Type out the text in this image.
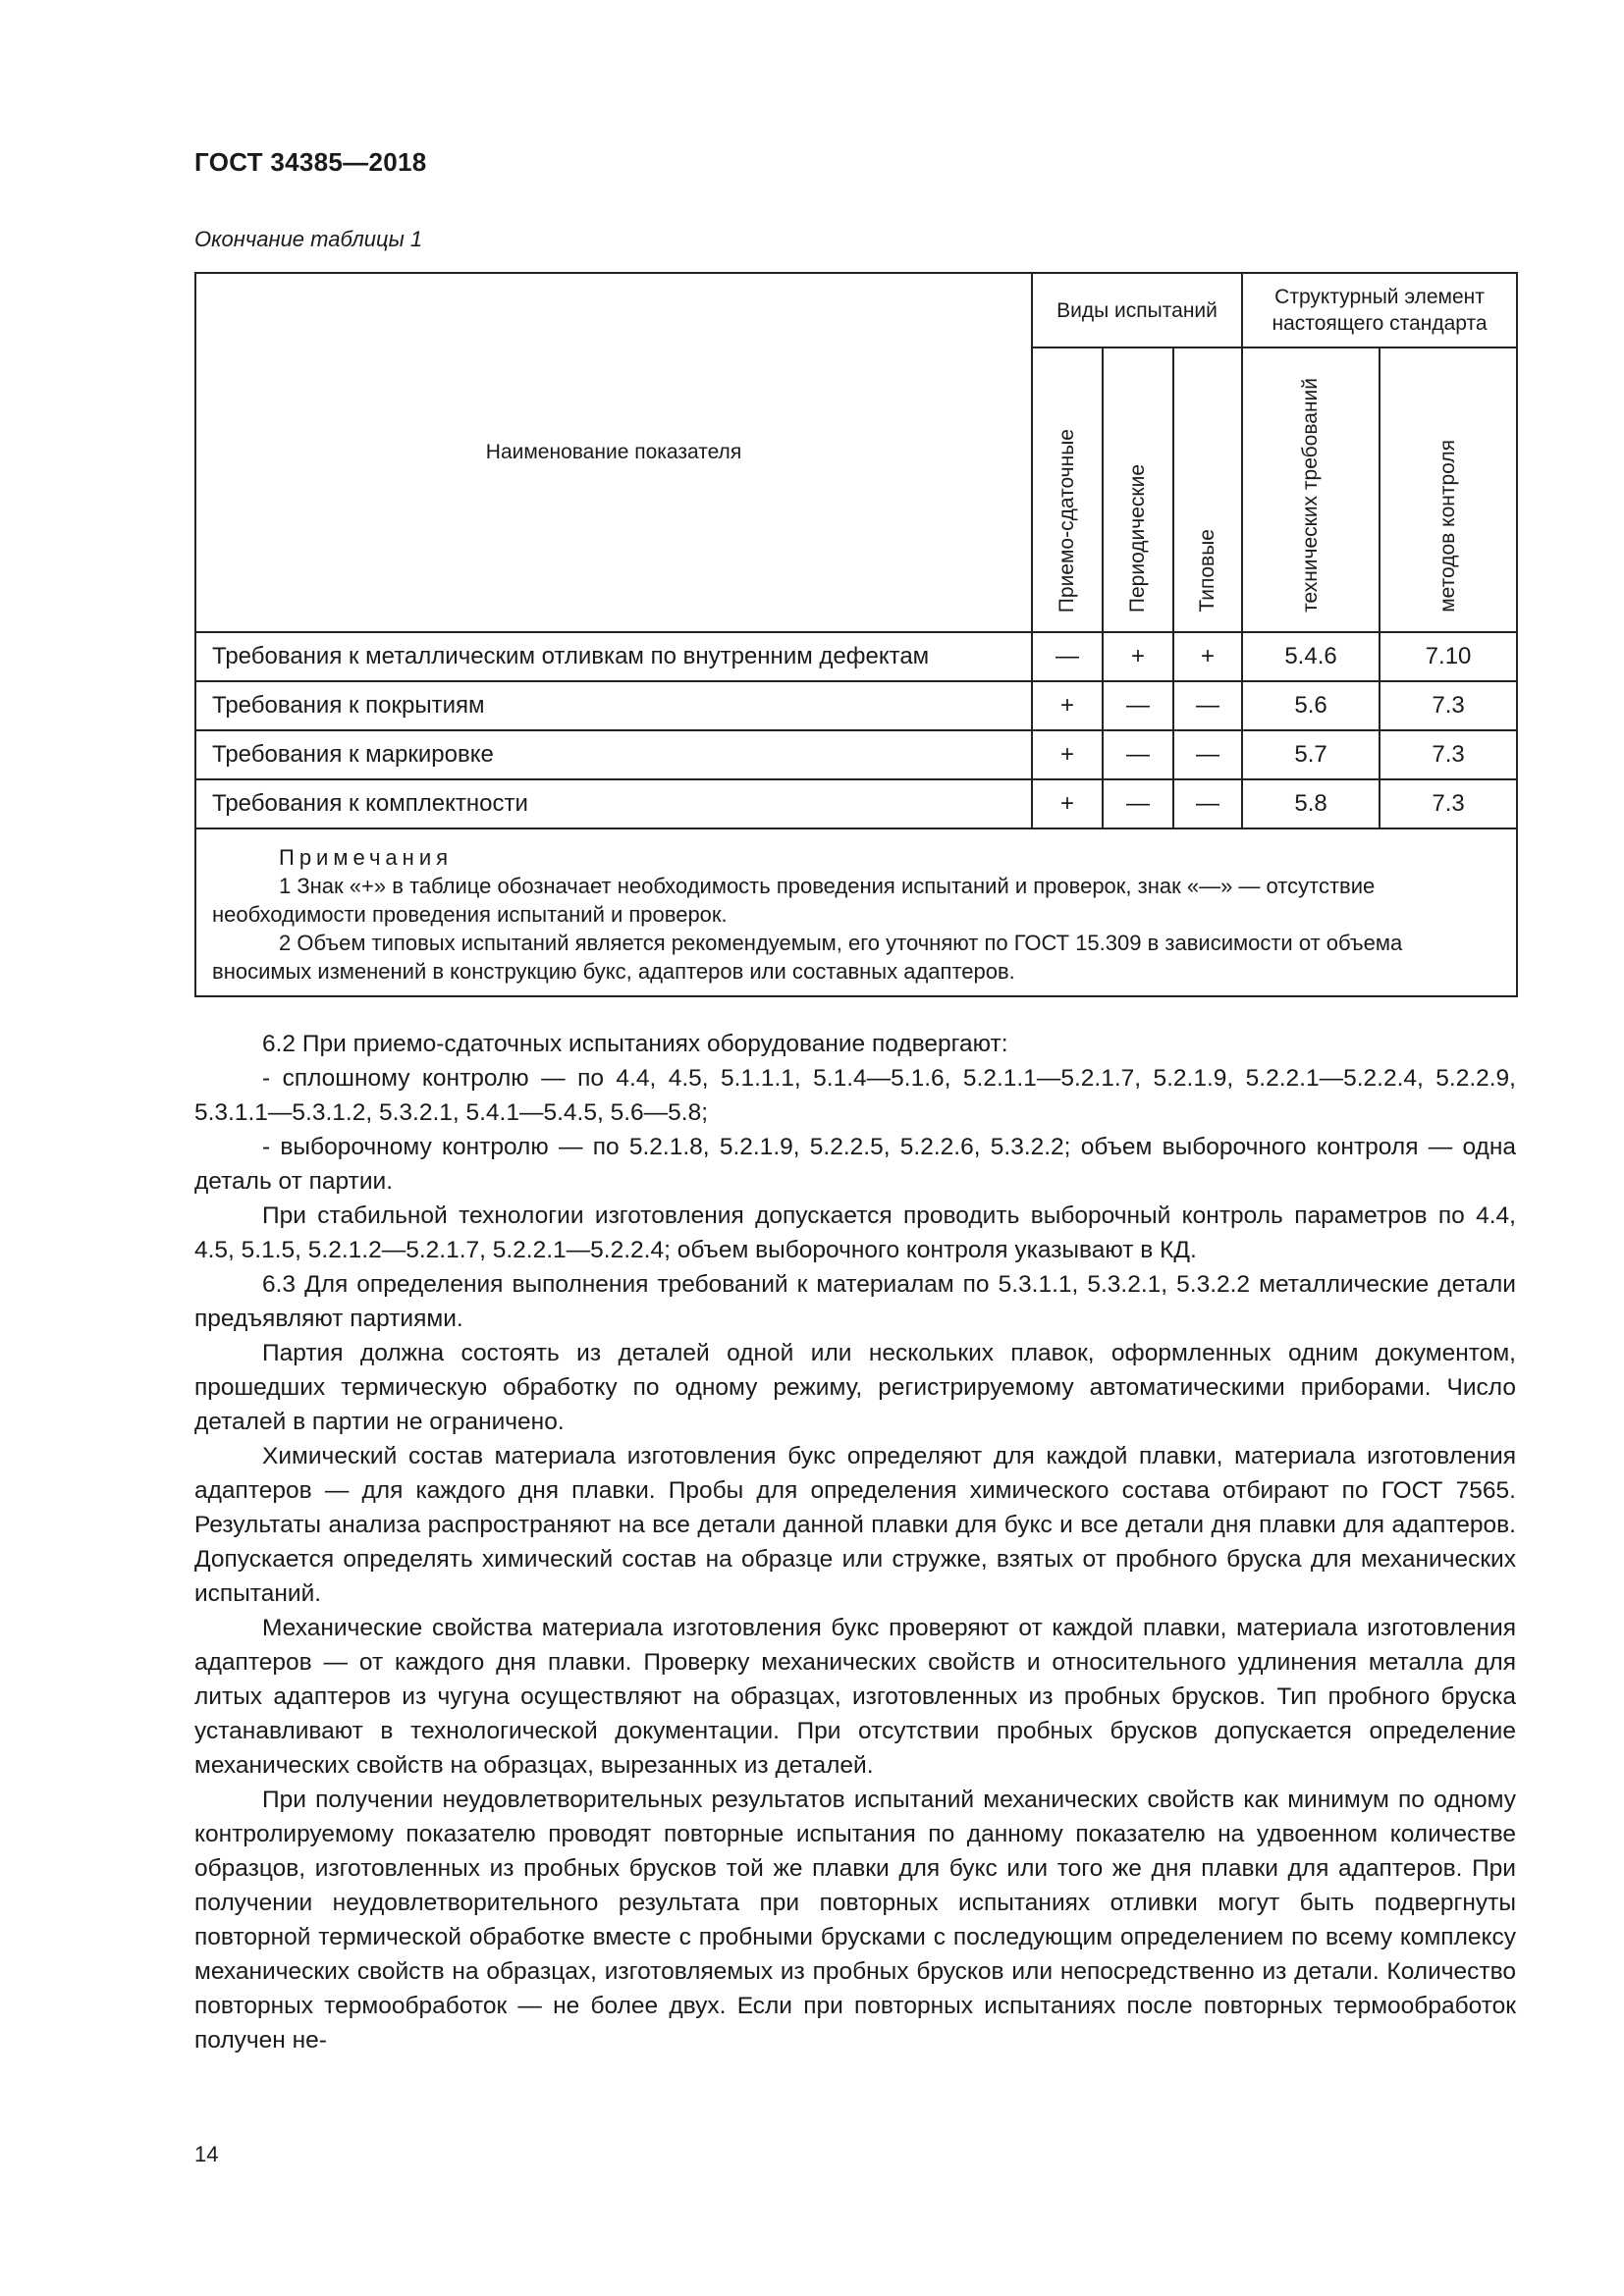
ГОСТ 34385—2018
Окончание таблицы 1
Наименование показателя	Виды испытаний			Структурный элемент настоящего стандарта	
	Приемо-сдаточные	Периодические	Типовые	технических требований	методов контроля
Требования к металлическим отливкам по внутренним дефектам	—	+	+	5.4.6	7.10
Требования к покрытиям	+	—	—	5.6	7.3
Требования к маркировке	+	—	—	5.7	7.3
Требования к комплектности	+	—	—	5.8	7.3

Примечания

1 Знак «+» в таблице обозначает необходимость проведения испытаний и проверок, знак «—» — отсутствие необходимости проведения испытаний и проверок.

2 Объем типовых испытаний является рекомендуемым, его уточняют по ГОСТ 15.309 в зависимости от объема вносимых изменений в конструкцию букс, адаптеров или составных адаптеров.					

6.2 При приемо-сдаточных испытаниях оборудование подвергают:

- сплошному контролю — по 4.4, 4.5, 5.1.1.1, 5.1.4—5.1.6, 5.2.1.1—5.2.1.7, 5.2.1.9, 5.2.2.1—5.2.2.4, 5.2.2.9, 5.3.1.1—5.3.1.2, 5.3.2.1, 5.4.1—5.4.5, 5.6—5.8;

- выборочному контролю — по 5.2.1.8, 5.2.1.9, 5.2.2.5, 5.2.2.6, 5.3.2.2; объем выборочного контроля — одна деталь от партии.

При стабильной технологии изготовления допускается проводить выборочный контроль параметров по 4.4, 4.5, 5.1.5, 5.2.1.2—5.2.1.7, 5.2.2.1—5.2.2.4; объем выборочного контроля указывают в КД.

6.3 Для определения выполнения требований к материалам по 5.3.1.1, 5.3.2.1, 5.3.2.2 металлические детали предъявляют партиями.

Партия должна состоять из деталей одной или нескольких плавок, оформленных одним документом, прошедших термическую обработку по одному режиму, регистрируемому автоматическими приборами. Число деталей в партии не ограничено.

Химический состав материала изготовления букс определяют для каждой плавки, материала изготовления адаптеров — для каждого дня плавки. Пробы для определения химического состава отбирают по ГОСТ 7565. Результаты анализа распространяют на все детали данной плавки для букс и все детали дня плавки для адаптеров. Допускается определять химический состав на образце или стружке, взятых от пробного бруска для механических испытаний.

Механические свойства материала изготовления букс проверяют от каждой плавки, материала изготовления адаптеров — от каждого дня плавки. Проверку механических свойств и относительного удлинения металла для литых адаптеров из чугуна осуществляют на образцах, изготовленных из пробных брусков. Тип пробного бруска устанавливают в технологической документации. При отсутствии пробных брусков допускается определение механических свойств на образцах, вырезанных из деталей.

При получении неудовлетворительных результатов испытаний механических свойств как минимум по одному контролируемому показателю проводят повторные испытания по данному показателю на удвоенном количестве образцов, изготовленных из пробных брусков той же плавки для букс или того же дня плавки для адаптеров. При получении неудовлетворительного результата при повторных испытаниях отливки могут быть подвергнуты повторной термической обработке вместе с пробными брусками с последующим определением по всему комплексу механических свойств на образцах, изготовляемых из пробных брусков или непосредственно из детали. Количество повторных термообработок — не более двух. Если при повторных испытаниях после повторных термообработок получен не-

14
